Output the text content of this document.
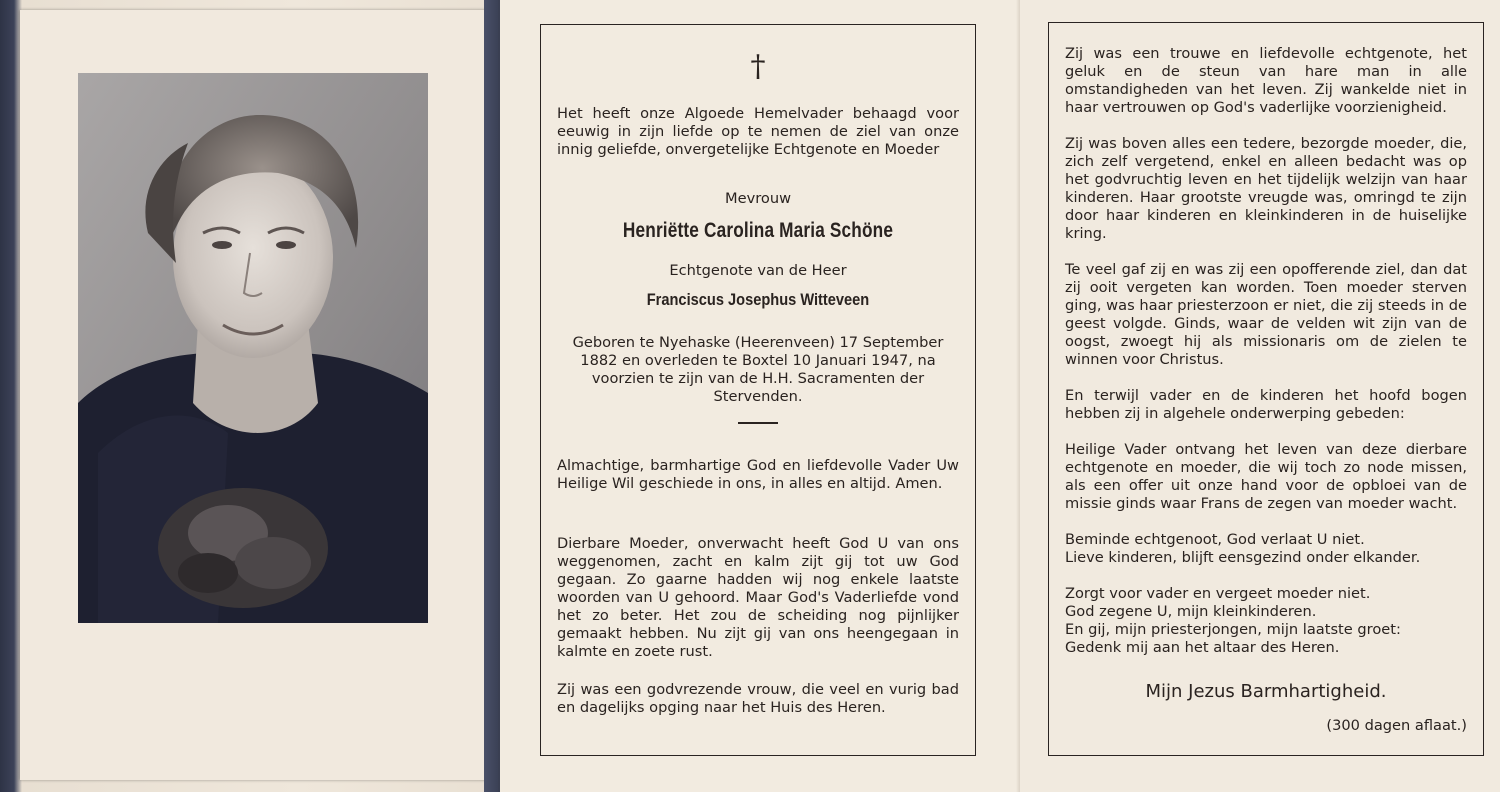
†

Het heeft onze Algoede Hemelvader behaagd voor eeuwig in zijn liefde op te nemen de ziel van onze innig geliefde, onvergetelijke Echtgenote en Moeder

Mevrouw

Henriëtte Carolina Maria Schöne

Echtgenote van de Heer

Franciscus Josephus Witteveen

Geboren te Nyehaske (Heerenveen) 17 September 1882 en overleden te Boxtel 10 Januari 1947, na voorzien te zijn van de H.H. Sacramenten der Stervenden.

Almachtige, barmhartige God en liefdevolle Vader Uw Heilige Wil geschiede in ons, in alles en altijd. Amen.

Dierbare Moeder, onverwacht heeft God U van ons weggenomen, zacht en kalm zijt gij tot uw God gegaan. Zo gaarne hadden wij nog enkele laatste woorden van U gehoord. Maar God's Vaderliefde vond het zo beter. Het zou de scheiding nog pijnlijker gemaakt hebben. Nu zijt gij van ons heengegaan in kalmte en zoete rust.

Zij was een godvrezende vrouw, die veel en vurig bad en dagelijks opging naar het Huis des Heren.

Zij was een trouwe en liefdevolle echtgenote, het geluk en de steun van hare man in alle omstandigheden van het leven. Zij wankelde niet in haar vertrouwen op God's vaderlijke voorzienigheid.

Zij was boven alles een tedere, bezorgde moeder, die, zich zelf vergetend, enkel en alleen bedacht was op het godvruchtig leven en het tijdelijk welzijn van haar kinderen. Haar grootste vreugde was, omringd te zijn door haar kinderen en kleinkinderen in de huiselijke kring.

Te veel gaf zij en was zij een opofferende ziel, dan dat zij ooit vergeten kan worden. Toen moeder sterven ging, was haar priesterzoon er niet, die zij steeds in de geest volgde. Ginds, waar de velden wit zijn van de oogst, zwoegt hij als missionaris om de zielen te winnen voor Christus.

En terwijl vader en de kinderen het hoofd bogen hebben zij in algehele onderwerping gebeden:

Heilige Vader ontvang het leven van deze dierbare echtgenote en moeder, die wij toch zo node missen, als een offer uit onze hand voor de opbloei van de missie ginds waar Frans de zegen van moeder wacht.

Beminde echtgenoot, God verlaat U niet.

Lieve kinderen, blijft eensgezind onder elkander.

Zorgt voor vader en vergeet moeder niet.

God zegene U, mijn kleinkinderen.

En gij, mijn priesterjongen, mijn laatste groet:

Gedenk mij aan het altaar des Heren.

Mijn Jezus Barmhartigheid.

(300 dagen aflaat.)
